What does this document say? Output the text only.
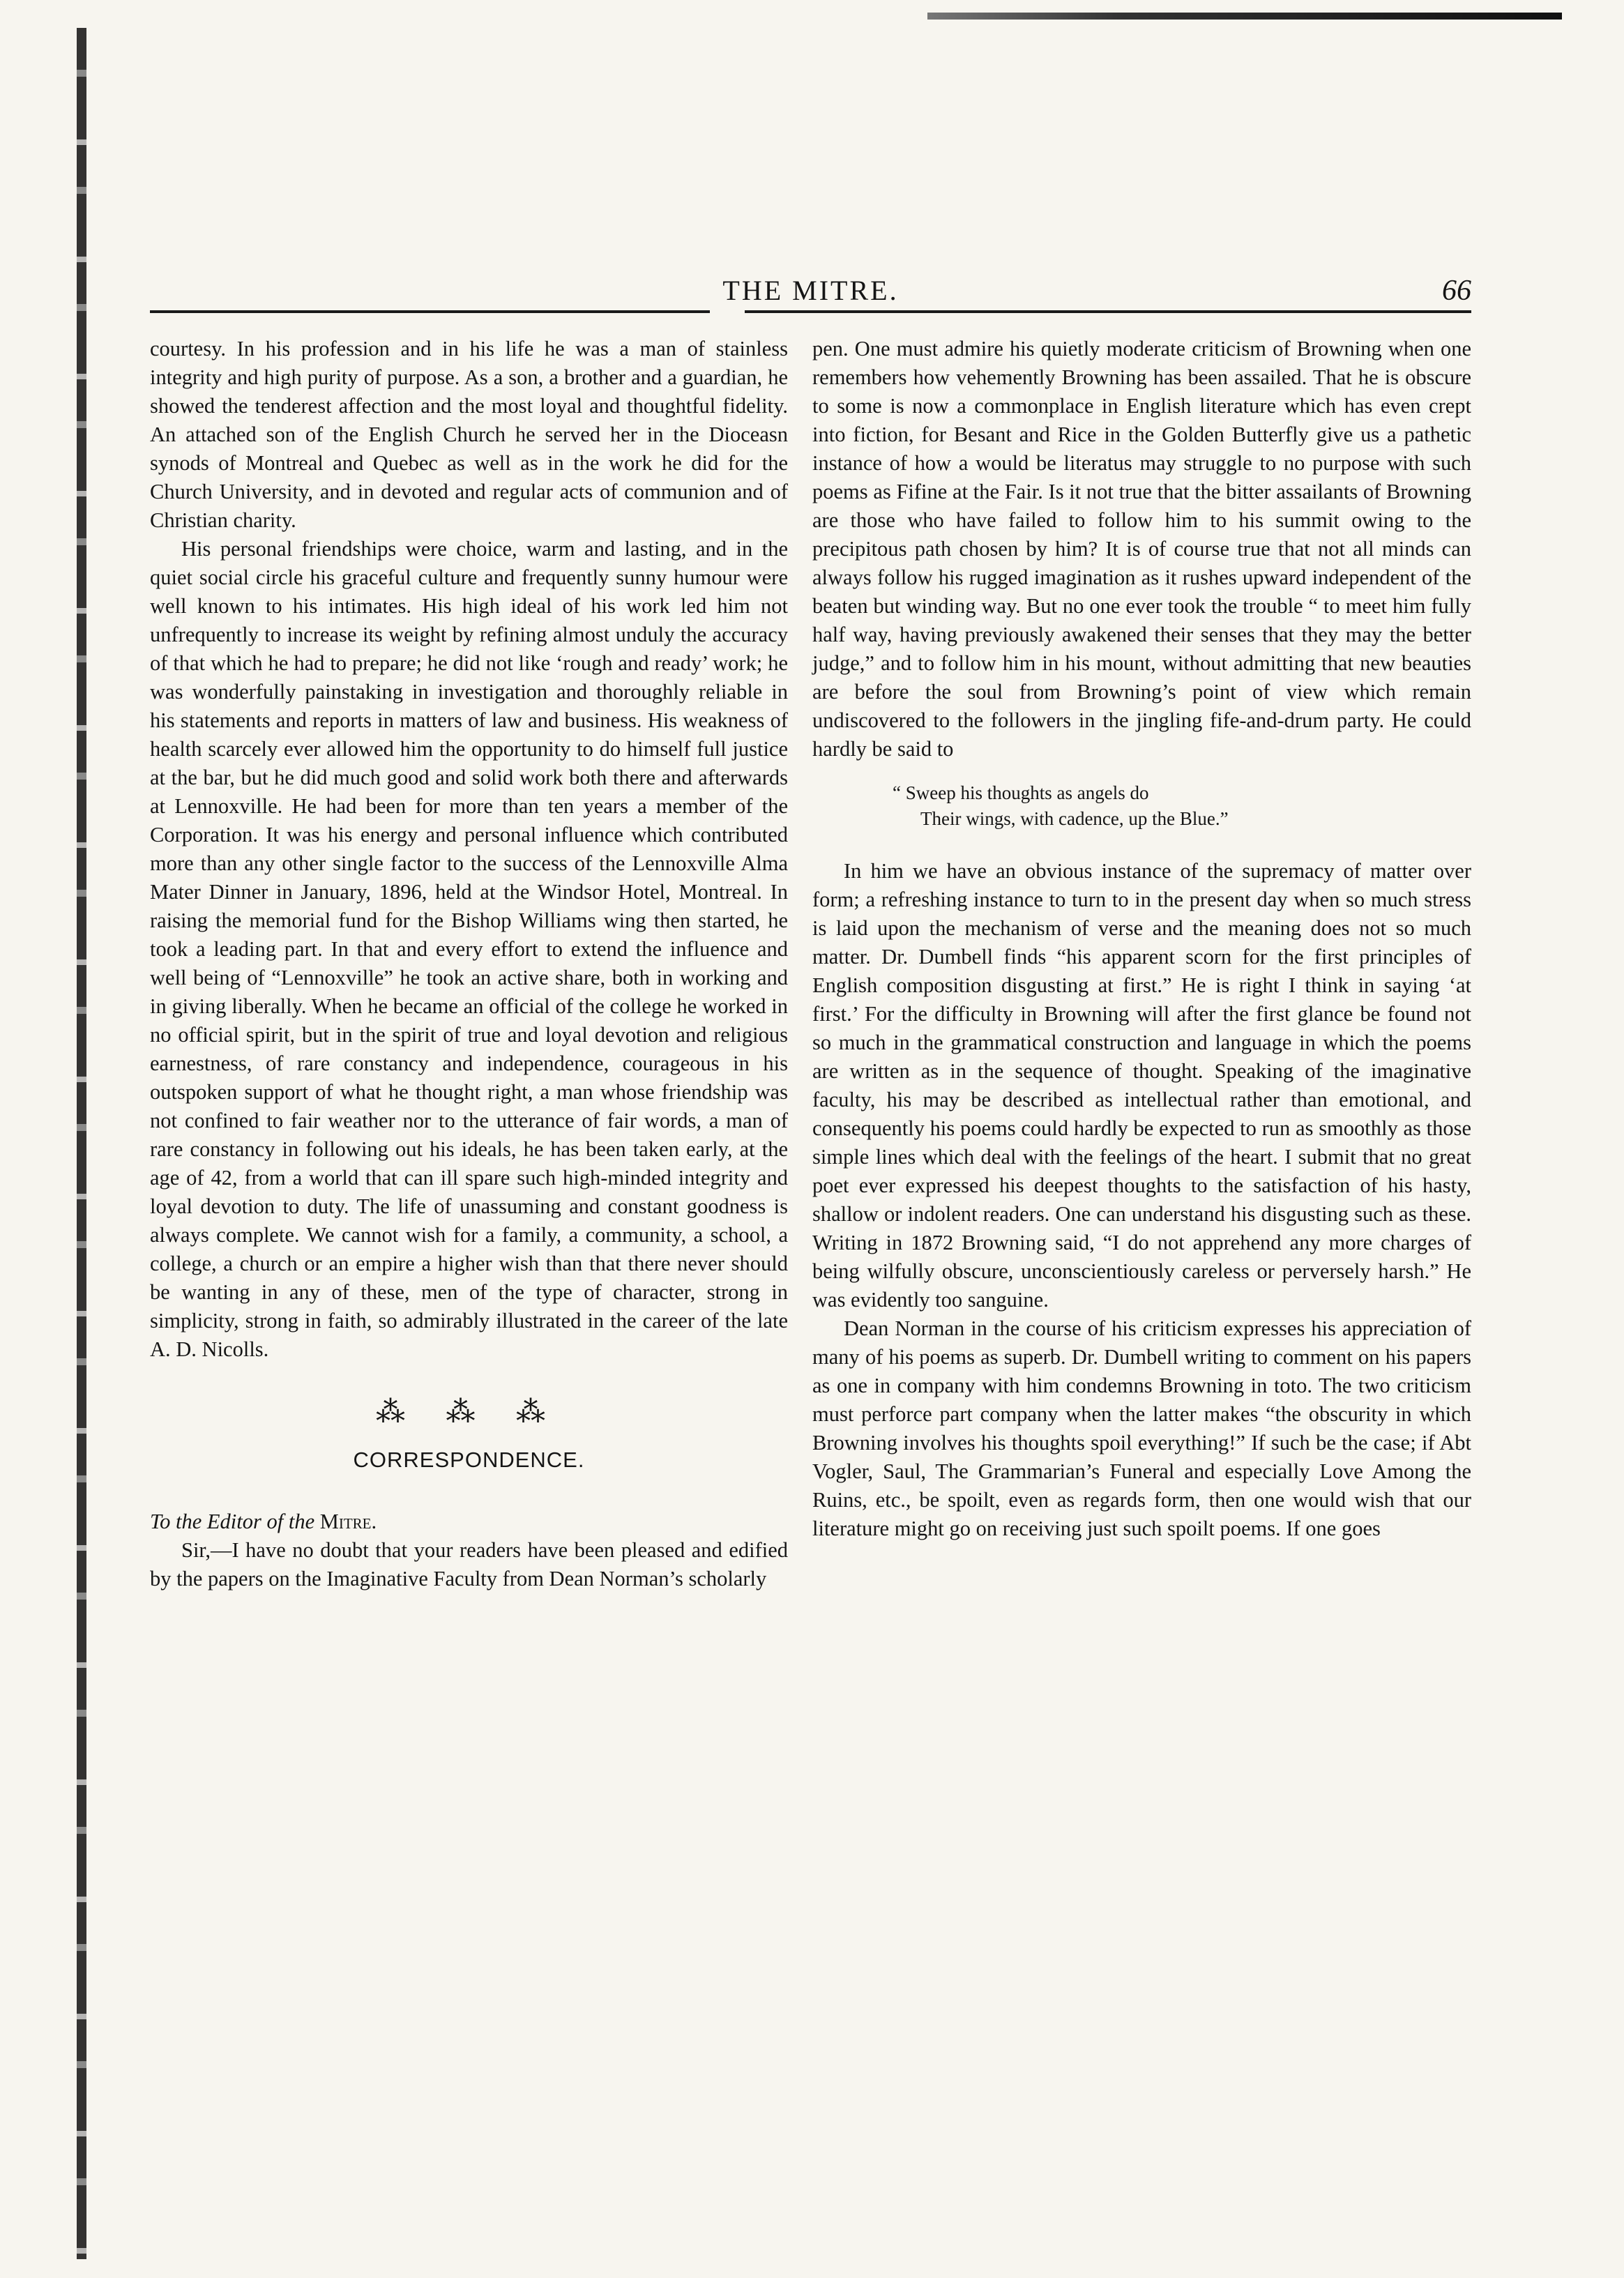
THE MITRE.	66

courtesy. In his profession and in his life he was a man of stainless integrity and high purity of purpose. As a son, a brother and a guardian, he showed the tenderest affection and the most loyal and thoughtful fidelity. An attached son of the English Church he served her in the Dioceasn synods of Montreal and Quebec as well as in the work he did for the Church University, and in devoted and regular acts of communion and of Christian charity.

His personal friendships were choice, warm and lasting, and in the quiet social circle his graceful culture and frequently sunny humour were well known to his intimates. His high ideal of his work led him not unfrequently to increase its weight by refining almost unduly the accuracy of that which he had to prepare; he did not like ‘rough and ready’ work; he was wonderfully painstaking in investigation and thoroughly reliable in his statements and reports in matters of law and business. His weakness of health scarcely ever allowed him the opportunity to do himself full justice at the bar, but he did much good and solid work both there and afterwards at Lennoxville. He had been for more than ten years a member of the Corporation. It was his energy and personal influence which contributed more than any other single factor to the success of the Lennoxville Alma Mater Dinner in January, 1896, held at the Windsor Hotel, Montreal. In raising the memorial fund for the Bishop Williams wing then started, he took a leading part. In that and every effort to extend the influence and well being of “Lennoxville” he took an active share, both in working and in giving liberally. When he became an official of the college he worked in no official spirit, but in the spirit of true and loyal devotion and religious earnestness, of rare constancy and independence, courageous in his outspoken support of what he thought right, a man whose friendship was not confined to fair weather nor to the utterance of fair words, a man of rare constancy in following out his ideals, he has been taken early, at the age of 42, from a world that can ill spare such high-minded integrity and loyal devotion to duty. The life of unassuming and constant goodness is always complete. We cannot wish for a family, a community, a school, a college, a church or an empire a higher wish than that there never should be wanting in any of these, men of the type of character, strong in simplicity, strong in faith, so admirably illustrated in the career of the late A. D. Nicolls.

⁂ ⁂ ⁂
CORRESPONDENCE.

To the Editor of the Mitre.

Sir,—I have no doubt that your readers have been pleased and edified by the papers on the Imaginative Faculty from Dean Norman’s scholarly

pen. One must admire his quietly moderate criticism of Browning when one remembers how vehemently Browning has been assailed. That he is obscure to some is now a commonplace in English literature which has even crept into fiction, for Besant and Rice in the Golden Butterfly give us a pathetic instance of how a would be literatus may struggle to no purpose with such poems as Fifine at the Fair. Is it not true that the bitter assailants of Browning are those who have failed to follow him to his summit owing to the precipitous path chosen by him? It is of course true that not all minds can always follow his rugged imagination as it rushes upward independent of the beaten but winding way. But no one ever took the trouble “ to meet him fully half way, having previously awakened their senses that they may the better judge,” and to follow him in his mount, without admitting that new beauties are before the soul from Browning’s point of view which remain undiscovered to the followers in the jingling fife-and-drum party. He could hardly be said to

“ Sweep his thoughts as angels do
Their wings, with cadence, up the Blue.”

In him we have an obvious instance of the supremacy of matter over form; a refreshing instance to turn to in the present day when so much stress is laid upon the mechanism of verse and the meaning does not so much matter. Dr. Dumbell finds “his apparent scorn for the first principles of English composition disgusting at first.” He is right I think in saying ‘at first.’ For the difficulty in Browning will after the first glance be found not so much in the grammatical construction and language in which the poems are written as in the sequence of thought. Speaking of the imaginative faculty, his may be described as intellectual rather than emotional, and consequently his poems could hardly be expected to run as smoothly as those simple lines which deal with the feelings of the heart. I submit that no great poet ever expressed his deepest thoughts to the satisfaction of his hasty, shallow or indolent readers. One can understand his disgusting such as these. Writing in 1872 Browning said, “I do not apprehend any more charges of being wilfully obscure, unconscientiously careless or perversely harsh.” He was evidently too sanguine.

Dean Norman in the course of his criticism expresses his appreciation of many of his poems as superb. Dr. Dumbell writing to comment on his papers as one in company with him condemns Browning in toto. The two criticism must perforce part company when the latter makes “the obscurity in which Browning involves his thoughts spoil everything!” If such be the case; if Abt Vogler, Saul, The Grammarian’s Funeral and especially Love Among the Ruins, etc., be spoilt, even as regards form, then one would wish that our literature might go on receiving just such spoilt poems. If one goes
